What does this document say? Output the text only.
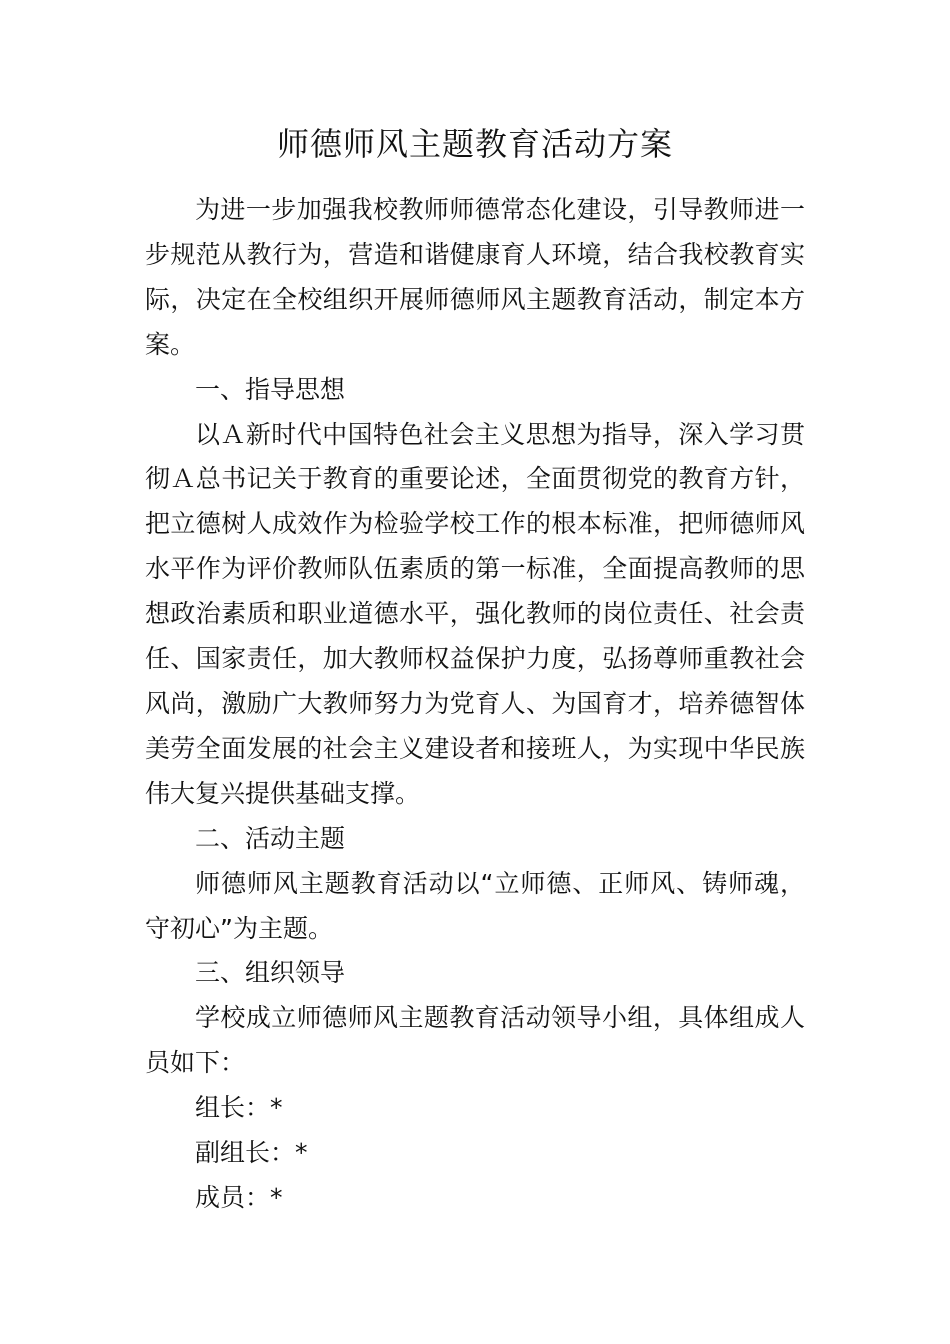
师德师风主题教育活动方案

为进一步加强我校教师师德常态化建设，引导教师进一步规范从教行为，营造和谐健康育人环境，结合我校教育实际，决定在全校组织开展师德师风主题教育活动，制定本方案。

一、指导思想

以Ａ新时代中国特色社会主义思想为指导，深入学习贯彻Ａ总书记关于教育的重要论述，全面贯彻党的教育方针，把立德树人成效作为检验学校工作的根本标准，把师德师风水平作为评价教师队伍素质的第一标准，全面提高教师的思想政治素质和职业道德水平，强化教师的岗位责任、社会责任、国家责任，加大教师权益保护力度，弘扬尊师重教社会风尚，激励广大教师努力为党育人、为国育才，培养德智体美劳全面发展的社会主义建设者和接班人，为实现中华民族伟大复兴提供基础支撑。

二、活动主题

师德师风主题教育活动以“立师德、正师风、铸师魂，守初心”为主题。

三、组织领导

学校成立师德师风主题教育活动领导小组，具体组成人员如下：

组长：*

副组长：*

成员：*
